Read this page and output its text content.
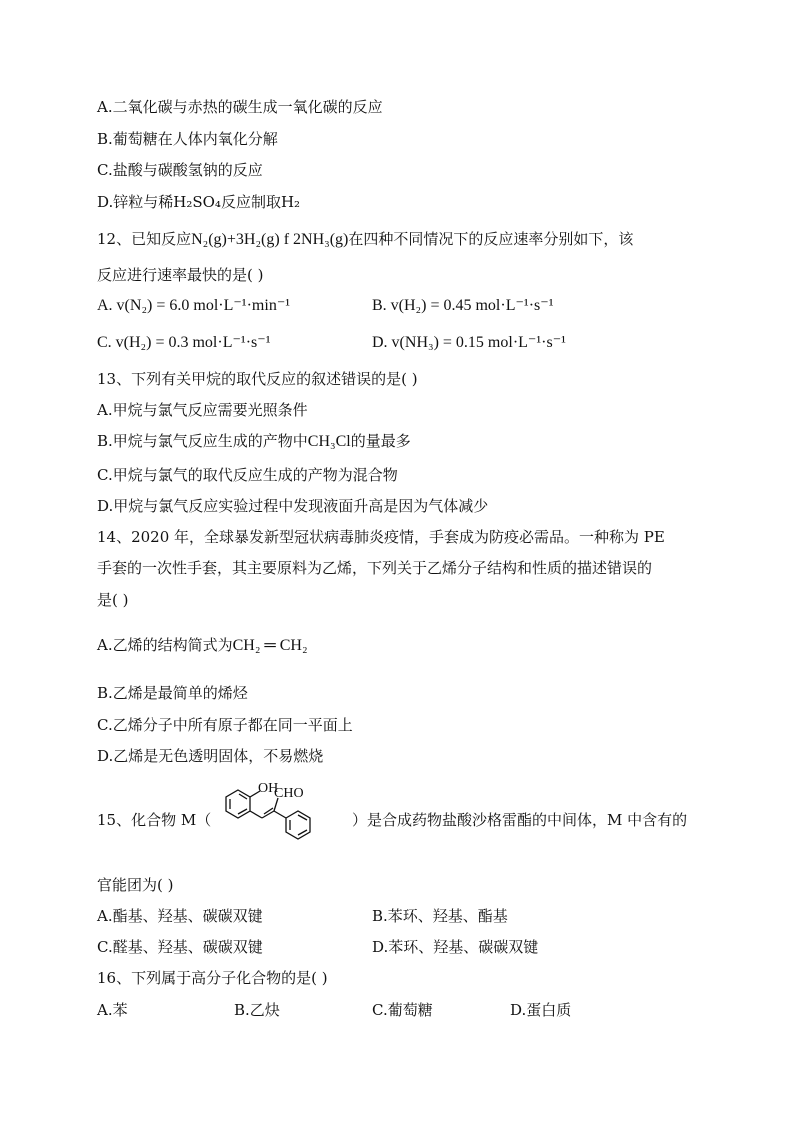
A.二氧化碳与赤热的碳生成一氧化碳的反应
B.葡萄糖在人体内氧化分解
C.盐酸与碳酸氢钠的反应
D.锌粒与稀H₂SO₄反应制取H₂
12、已知反应N₂(g)+3H₂(g) f 2NH₃(g)在四种不同情况下的反应速率分别如下，该
反应进行速率最快的是( )
A. v(N₂) = 6.0 mol·L⁻¹·min⁻¹	B. v(H₂) = 0.45 mol·L⁻¹·s⁻¹
C. v(H₂) = 0.3 mol·L⁻¹·s⁻¹	D. v(NH₃) = 0.15 mol·L⁻¹·s⁻¹
13、下列有关甲烷的取代反应的叙述错误的是( )
A.甲烷与氯气反应需要光照条件
B.甲烷与氯气反应生成的产物中CH₃Cl的量最多
C.甲烷与氯气的取代反应生成的产物为混合物
D.甲烷与氯气反应实验过程中发现液面升高是因为气体减少
14、2020 年，全球暴发新型冠状病毒肺炎疫情，手套成为防疫必需品。一种称为 PE
手套的一次性手套，其主要原料为乙烯，下列关于乙烯分子结构和性质的描述错误的
是( )
A.乙烯的结构简式为CH₂ ═ CH₂
B.乙烯是最简单的烯烃
C.乙烯分子中所有原子都在同一平面上
D.乙烯是无色透明固体，不易燃烧
15、化合物 M（	）是合成药物盐酸沙格雷酯的中间体，M 中含有的
OH
CHO
官能团为( )
A.酯基、羟基、碳碳双键	B.苯环、羟基、酯基
C.醛基、羟基、碳碳双键	D.苯环、羟基、碳碳双键
16、下列属于高分子化合物的是( )
A.苯	B.乙炔	C.葡萄糖	D.蛋白质
